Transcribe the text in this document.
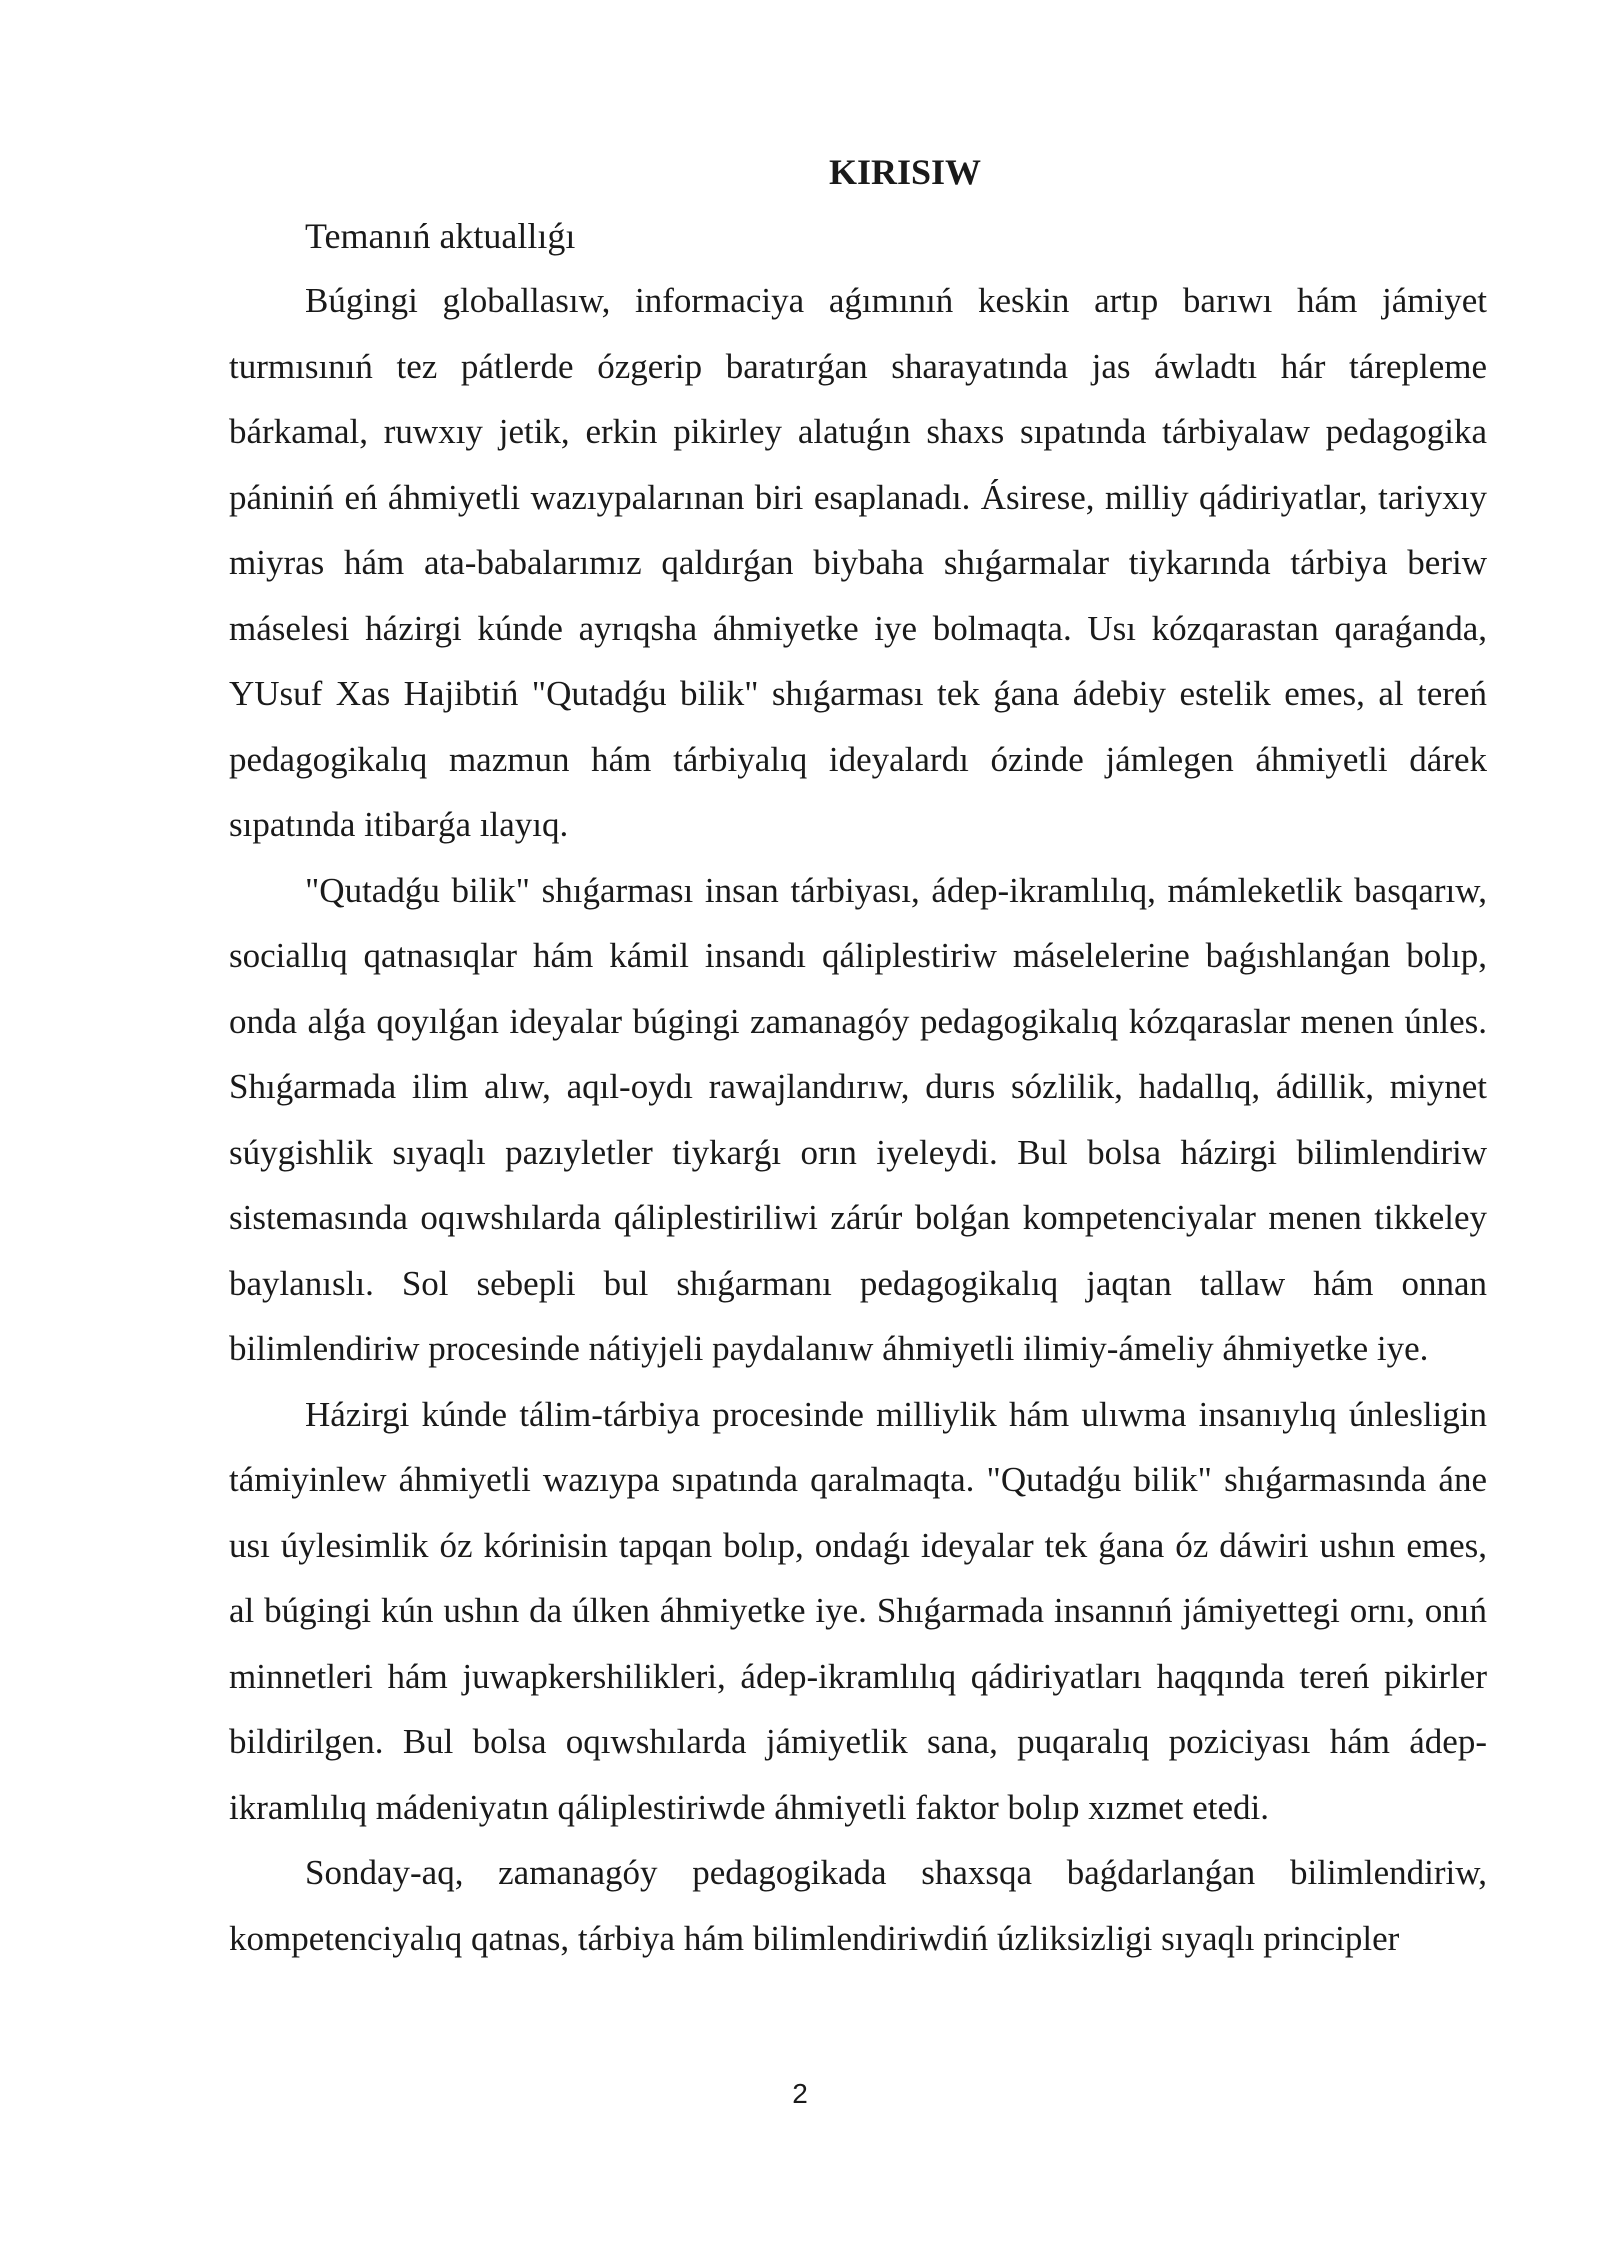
KIRISIW
Temanıń aktuallıǵı

Búgingi globallasıw, informaciya aǵımınıń keskin artıp barıwı hám jámiyet turmısınıń tez pátlerde ózgerip baratırǵan sharayatında jas áwladtı hár tárepleme bárkamal, ruwxıy jetik, erkin pikirley alatuǵın shaxs sıpatında tárbiyalaw pedagogika pániniń eń áhmiyetli wazıypalarınan biri esaplanadı. Ásirese, milliy qádiriyatlar, tariyxıy miyras hám ata-babalarımız qaldırǵan biybaha shıǵarmalar tiykarında tárbiya beriw máselesi házirgi kúnde ayrıqsha áhmiyetke iye bolmaqta. Usı kózqarastan qaraǵanda, YUsuf Xas Hajibtiń "Qutadǵu bilik" shıǵarması tek ǵana ádebiy estelik emes, al tereń pedagogikalıq mazmun hám tárbiyalıq ideyalardı ózinde jámlegen áhmiyetli dárek sıpatında itibarǵa ılayıq.

"Qutadǵu bilik" shıǵarması insan tárbiyası, ádep-ikramlılıq, mámleketlik basqarıw, sociallıq qatnasıqlar hám kámil insandı qáliplestiriw máselelerine baǵıshlanǵan bolıp, onda alǵa qoyılǵan ideyalar búgingi zamanagóy pedagogikalıq kózqaraslar menen únles. Shıǵarmada ilim alıw, aqıl-oydı rawajlandırıw, durıs sózlilik, hadallıq, ádillik, miynet súygishlik sıyaqlı pazıyletler tiykarǵı orın iyeleydi. Bul bolsa házirgi bilimlendiriw sistemasında oqıwshılarda qáliplestiriliwi zárúr bolǵan kompetenciyalar menen tikkeley baylanıslı. Sol sebepli bul shıǵarmanı pedagogikalıq jaqtan tallaw hám onnan bilimlendiriw procesinde nátiyjeli paydalanıw áhmiyetli ilimiy-ámeliy áhmiyetke iye.

Házirgi kúnde tálim-tárbiya procesinde milliylik hám ulıwma insanıylıq únlesligin támiyinlew áhmiyetli wazıypa sıpatında qaralmaqta. "Qutadǵu bilik" shıǵarmasında áne usı úylesimlik óz kórinisin tapqan bolıp, ondaǵı ideyalar tek ǵana óz dáwiri ushın emes, al búgingi kún ushın da úlken áhmiyetke iye. Shıǵarmada insannıń jámiyettegi ornı, onıń minnetleri hám juwapkershilikleri, ádep-ikramlılıq qádiriyatları haqqında tereń pikirler bildirilgen. Bul bolsa oqıwshılarda jámiyetlik sana, puqaralıq poziciyası hám ádep-ikramlılıq mádeniyatın qáliplestiriwde áhmiyetli faktor bolıp xızmet etedi.

Sonday-aq, zamanagóy pedagogikada shaxsqa baǵdarlanǵan bilimlendiriw, kompetenciyalıq qatnas, tárbiya hám bilimlendiriwdiń úzliksizligi sıyaqlı principler

2
